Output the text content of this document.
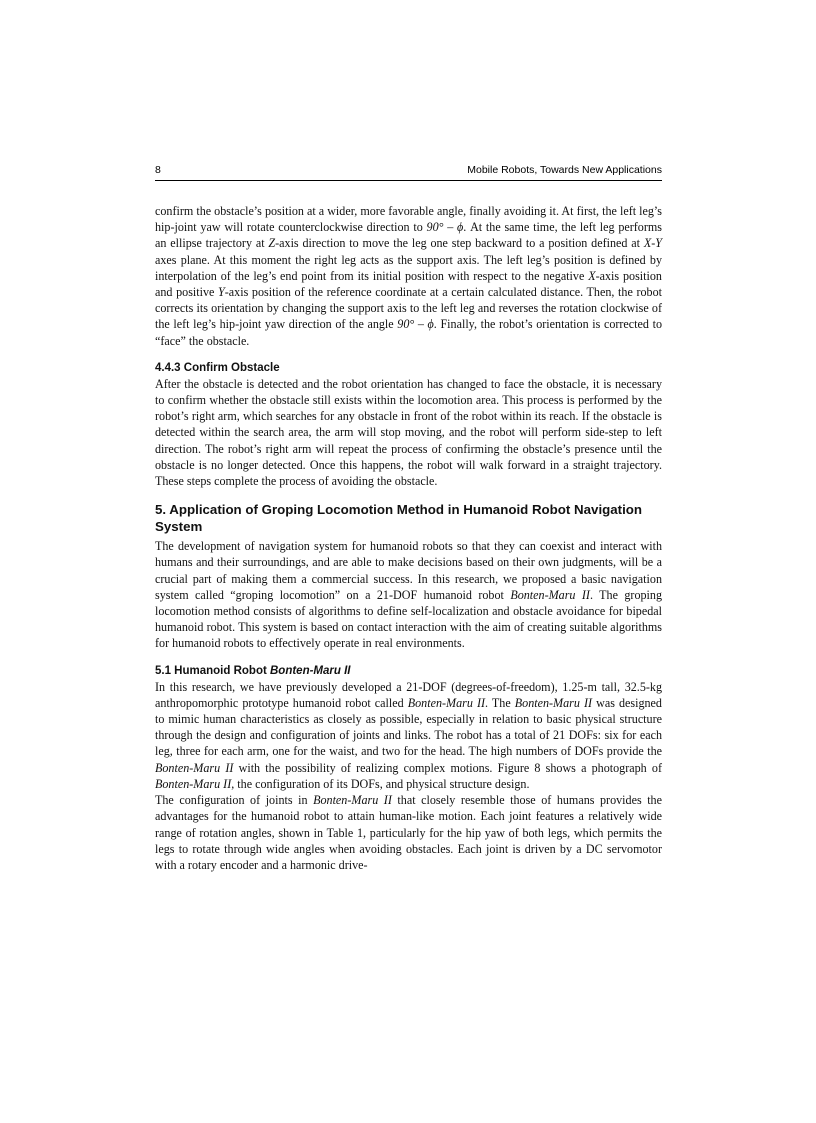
8	Mobile Robots, Towards New Applications

confirm the obstacle’s position at a wider, more favorable angle, finally avoiding it. At first, the left leg’s hip-joint yaw will rotate counterclockwise direction to 90° – ϕ. At the same time, the left leg performs an ellipse trajectory at Z-axis direction to move the leg one step backward to a position defined at X-Y axes plane. At this moment the right leg acts as the support axis. The left leg’s position is defined by interpolation of the leg’s end point from its initial position with respect to the negative X-axis position and positive Y-axis position of the reference coordinate at a certain calculated distance. Then, the robot corrects its orientation by changing the support axis to the left leg and reverses the rotation clockwise of the left leg’s hip-joint yaw direction of the angle 90° – ϕ. Finally, the robot’s orientation is corrected to “face” the obstacle.

4.4.3 Confirm Obstacle

After the obstacle is detected and the robot orientation has changed to face the obstacle, it is necessary to confirm whether the obstacle still exists within the locomotion area. This process is performed by the robot’s right arm, which searches for any obstacle in front of the robot within its reach. If the obstacle is detected within the search area, the arm will stop moving, and the robot will perform side-step to left direction. The robot’s right arm will repeat the process of confirming the obstacle’s presence until the obstacle is no longer detected. Once this happens, the robot will walk forward in a straight trajectory. These steps complete the process of avoiding the obstacle.

5. Application of Groping Locomotion Method in Humanoid Robot Navigation System

The development of navigation system for humanoid robots so that they can coexist and interact with humans and their surroundings, and are able to make decisions based on their own judgments, will be a crucial part of making them a commercial success. In this research, we proposed a basic navigation system called “groping locomotion” on a 21-DOF humanoid robot Bonten-Maru II. The groping locomotion method consists of algorithms to define self-localization and obstacle avoidance for bipedal humanoid robot. This system is based on contact interaction with the aim of creating suitable algorithms for humanoid robots to effectively operate in real environments.

5.1 Humanoid Robot Bonten-Maru II

In this research, we have previously developed a 21-DOF (degrees-of-freedom), 1.25-m tall, 32.5-kg anthropomorphic prototype humanoid robot called Bonten-Maru II. The Bonten-Maru II was designed to mimic human characteristics as closely as possible, especially in relation to basic physical structure through the design and configuration of joints and links. The robot has a total of 21 DOFs: six for each leg, three for each arm, one for the waist, and two for the head. The high numbers of DOFs provide the Bonten-Maru II with the possibility of realizing complex motions. Figure 8 shows a photograph of Bonten-Maru II, the configuration of its DOFs, and physical structure design.

The configuration of joints in Bonten-Maru II that closely resemble those of humans provides the advantages for the humanoid robot to attain human-like motion. Each joint features a relatively wide range of rotation angles, shown in Table 1, particularly for the hip yaw of both legs, which permits the legs to rotate through wide angles when avoiding obstacles. Each joint is driven by a DC servomotor with a rotary encoder and a harmonic drive-
